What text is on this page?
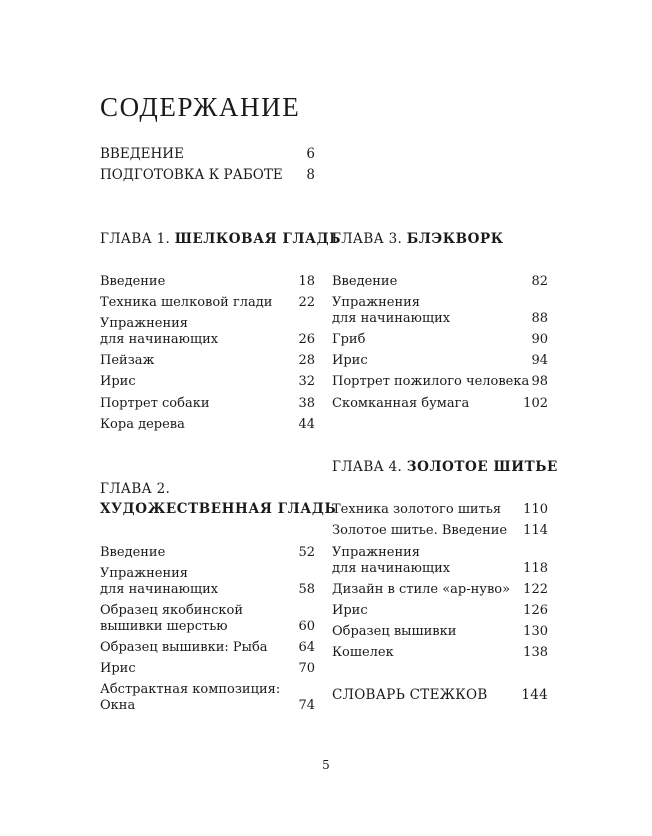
СОДЕРЖАНИЕ
ВВЕДЕНИЕ	6
ПОДГОТОВКА К РАБОТЕ 8
ГЛАВА 1. ШЕЛКОВАЯ ГЛАДЬ
Введение	18
Техника шелковой глади 22
Упражнения
для начинающих	26
Пейзаж	28
Ирис	32
Портрет собаки	38
Кора дерева	44
ГЛАВА 2.
ХУДОЖЕСТВЕННАЯ ГЛАДЬ
Введение	52
Упражнения
для начинающих	58
Образец якобинской
вышивки шерстью	60
Образец вышивки: Рыба 64
Ирис	70
Абстрактная композиция:
Окна	74
ГЛАВА 3. БЛЭКВОРК
Введение	82
Упражнения
для начинающих	88
Гриб	90
Ирис	94
Портрет пожилого человека 98
Скомканная бумага	102
ГЛАВА 4. ЗОЛОТОЕ ШИТЬЕ
Техника золотого шитья 110
Золотое шитье. Введение 114
Упражнения
для начинающих	118
Дизайн в стиле «ар-нуво» 122
Ирис	126
Образец вышивки	130
Кошелек	138
СЛОВАРЬ СТЕЖКОВ	144
5
